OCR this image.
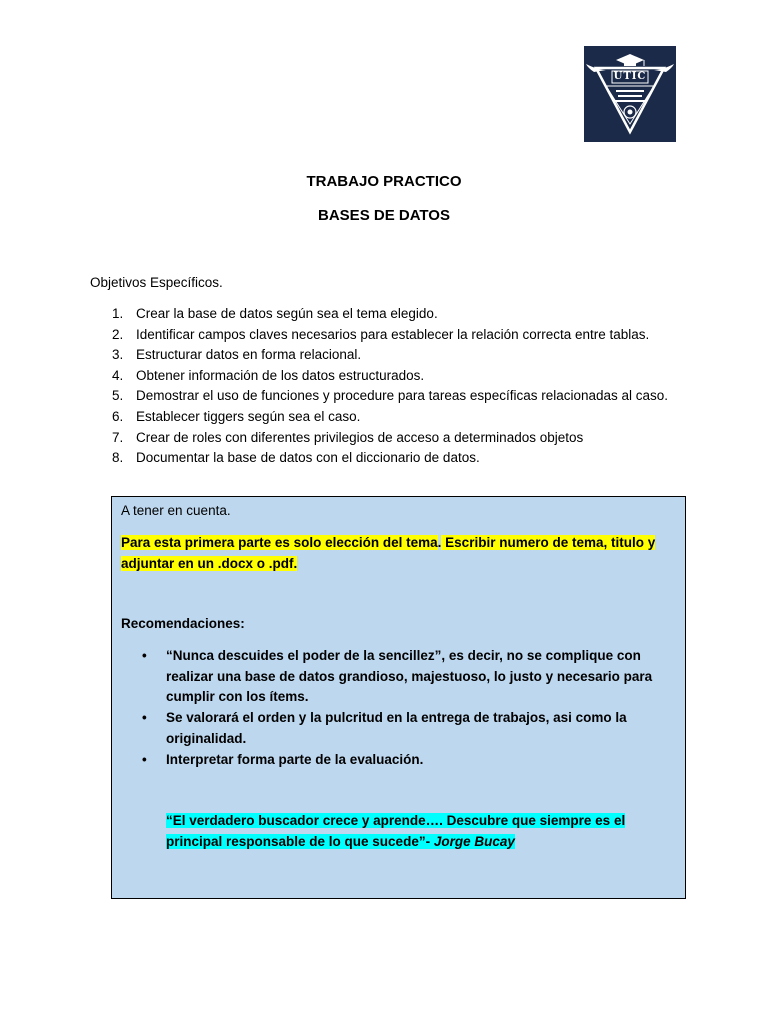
UTIC
TRABAJO PRACTICO
BASES DE DATOS
Objetivos Específicos.
1. Crear la base de datos según sea el tema elegido.
2. Identificar campos claves necesarios para establecer la relación correcta entre tablas.
3. Estructurar datos en forma relacional.
4. Obtener información de los datos estructurados.
5. Demostrar el uso de funciones y procedure para tareas específicas relacionadas al caso.
6. Establecer tiggers según sea el caso.
7. Crear de roles con diferentes privilegios de acceso a determinados objetos
8. Documentar la base de datos con el diccionario de datos.
A tener en cuenta.
Para esta primera parte es solo elección del tema. Escribir numero de tema, titulo y adjuntar en un .docx o .pdf.
Recomendaciones:
• “Nunca descuides el poder de la sencillez”, es decir, no se complique con realizar una base de datos grandioso, majestuoso, lo justo y necesario para cumplir con los ítems.
• Se valorará el orden y la pulcritud en la entrega de trabajos, asi como la originalidad.
• Interpretar forma parte de la evaluación.
“El verdadero buscador crece y aprende…. Descubre que siempre es el principal responsable de lo que sucede”- Jorge Bucay
